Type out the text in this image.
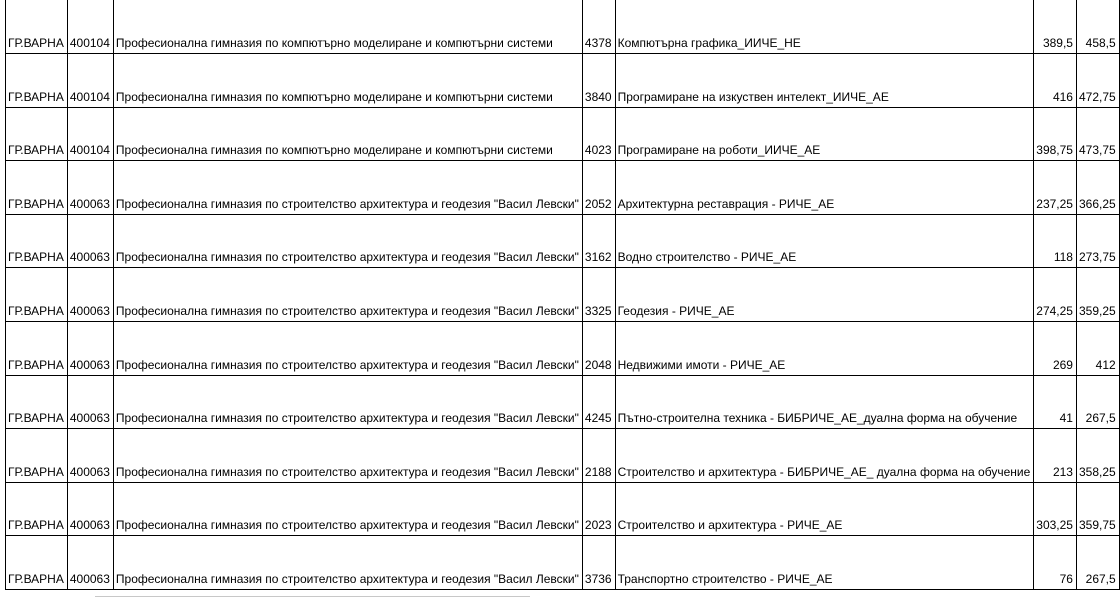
ГР.ВАРНА	400104	Професионална гимназия по компютърно моделиране и компютърни системи	4378	Компютърна графика_ИИЧЕ_НЕ	389,5	458,5

ГР.ВАРНА	400104	Професионална гимназия по компютърно моделиране и компютърни системи	3840	Програмиране на изкуствен интелект_ИИЧЕ_АЕ	416	472,75

ГР.ВАРНА	400104	Професионална гимназия по компютърно моделиране и компютърни системи	4023	Програмиране на роботи_ИИЧЕ_АЕ	398,75	473,75

ГР.ВАРНА	400063	Професионална гимназия по строителство архитектура и геодезия "Васил Левски"	2052	Архитектурна реставрация - РИЧЕ_АЕ	237,25	366,25

ГР.ВАРНА	400063	Професионална гимназия по строителство архитектура и геодезия "Васил Левски"	3162	Водно строителство - РИЧЕ_АЕ	118	273,75

ГР.ВАРНА	400063	Професионална гимназия по строителство архитектура и геодезия "Васил Левски"	3325	Геодезия - РИЧЕ_АЕ	274,25	359,25

ГР.ВАРНА	400063	Професионална гимназия по строителство архитектура и геодезия "Васил Левски"	2048	Недвижими имоти - РИЧЕ_АЕ	269	412

ГР.ВАРНА	400063	Професионална гимназия по строителство архитектура и геодезия "Васил Левски"	4245	Пътно-строителна техника - БИБРИЧЕ_АЕ_дуална форма на обучение	41	267,5

ГР.ВАРНА	400063	Професионална гимназия по строителство архитектура и геодезия "Васил Левски"	2188	Строителство и архитектура - БИБРИЧЕ_АЕ_ дуална форма на обучение	213	358,25

ГР.ВАРНА	400063	Професионална гимназия по строителство архитектура и геодезия "Васил Левски"	2023	Строителство и архитектура - РИЧЕ_АЕ	303,25	359,75

ГР.ВАРНА	400063	Професионална гимназия по строителство архитектура и геодезия "Васил Левски"	3736	Транспортно строителство - РИЧЕ_АЕ	76	267,5
